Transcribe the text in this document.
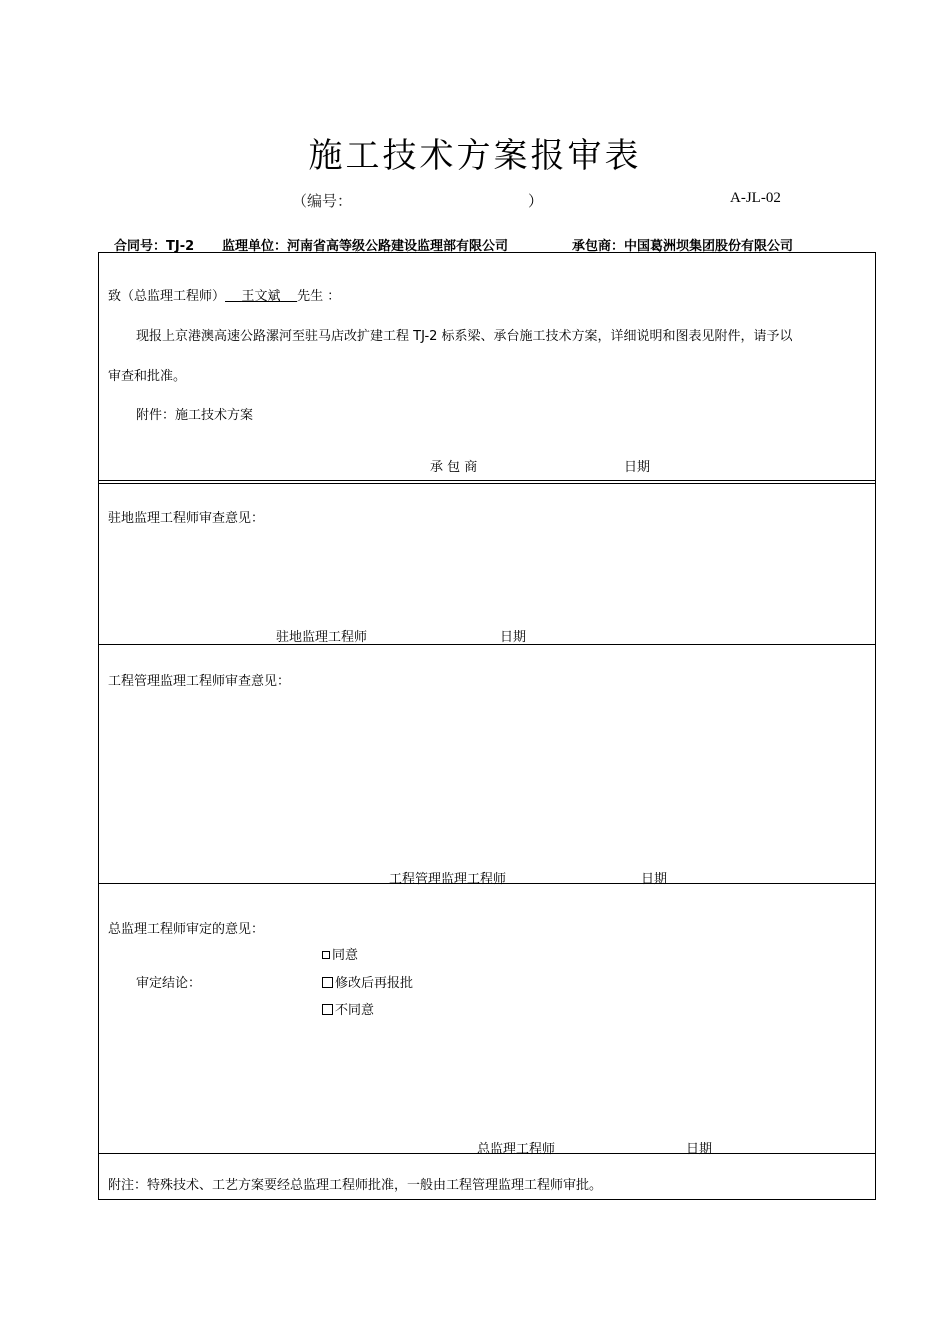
施工技术方案报审表
（编号：	）	A-JL-02
合同号：TJ-2 监理单位：河南省高等级公路建设监理部有限公司	承包商：中国葛洲坝集团股份有限公司
致（总监理工程师） 王文斌 先生 ：
现报上京港澳高速公路漯河至驻马店改扩建工程 TJ-2 标系梁、承台施工技术方案，详细说明和图表见附件，请予以
审查和批准。
附件：施工技术方案
承 包 商	日期
驻地监理工程师审查意见：
驻地监理工程师	日期
工程管理监理工程师审查意见：
工程管理监理工程师	日期
总监理工程师审定的意见：
同意
审定结论：	修改后再报批
不同意
总监理工程师	日期
附注：特殊技术、工艺方案要经总监理工程师批准，一般由工程管理监理工程师审批。
